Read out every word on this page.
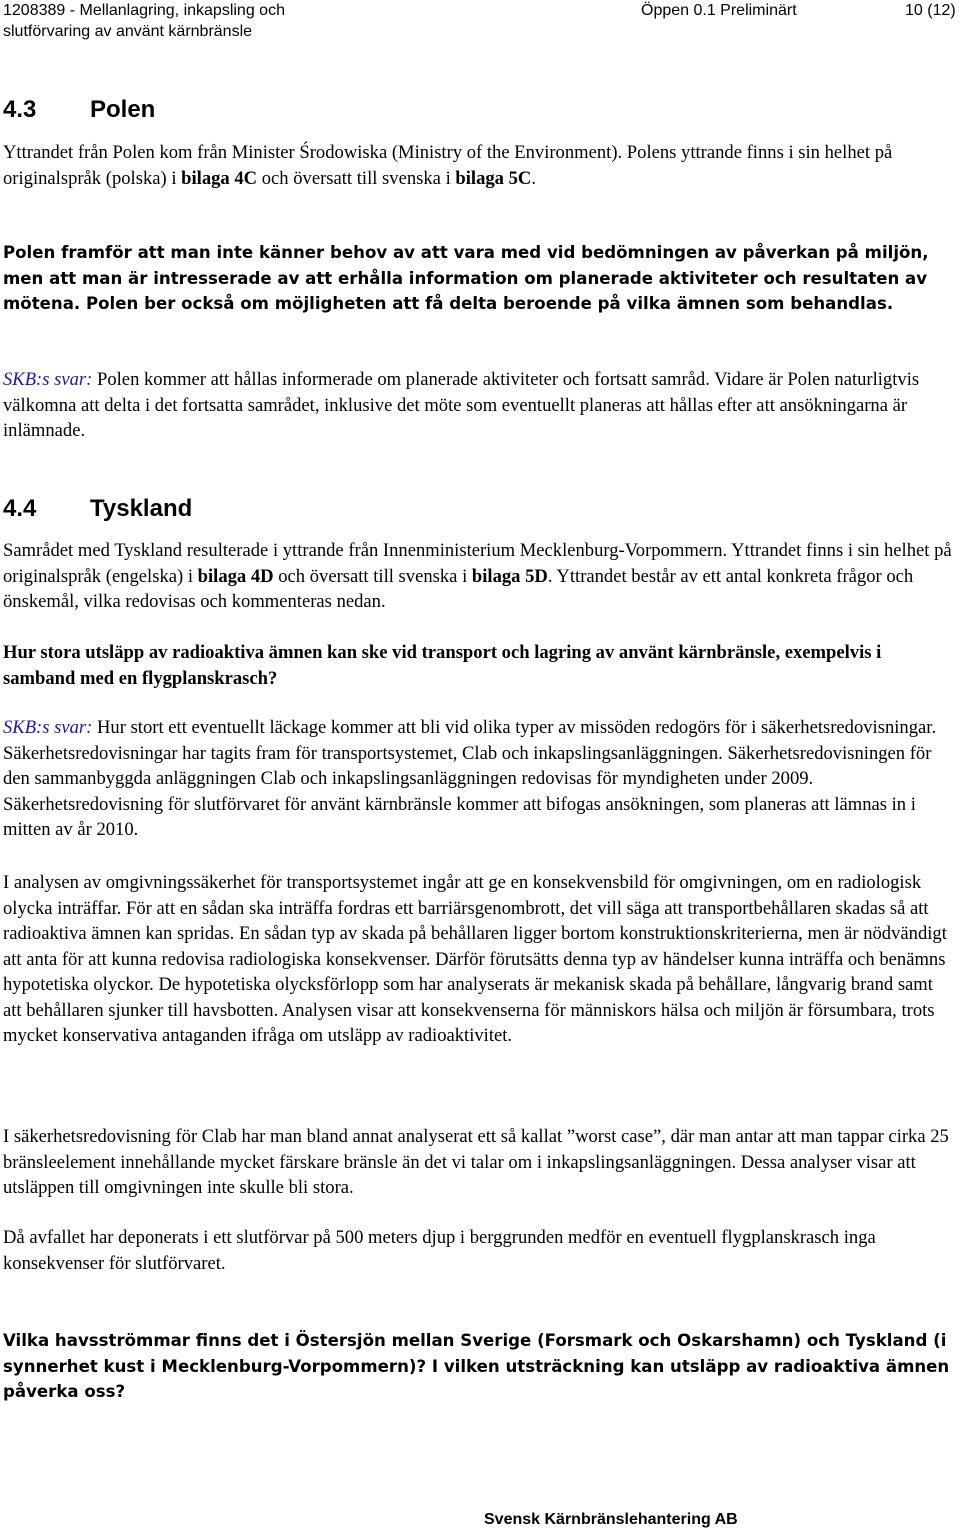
1208389 - Mellanlagring, inkapsling och
slutförvaring av använt kärnbränsle
Öppen 0.1 Preliminärt	10 (12)
4.3 Polen

Yttrandet från Polen kom från Minister Środowiska (Ministry of the Environment). Polens yttrande finns i sin helhet på originalspråk (polska) i bilaga 4C och översatt till svenska i bilaga 5C.

Polen framför att man inte känner behov av att vara med vid bedömningen av påverkan på miljön, men att man är intresserade av att erhålla information om planerade aktiviteter och resultaten av mötena. Polen ber också om möjligheten att få delta beroende på vilka ämnen som behandlas.

SKB:s svar: Polen kommer att hållas informerade om planerade aktiviteter och fortsatt samråd. Vidare är Polen naturligtvis välkomna att delta i det fortsatta samrådet, inklusive det möte som eventuellt planeras att hållas efter att ansökningarna är inlämnade.

4.4 Tyskland

Samrådet med Tyskland resulterade i yttrande från Innenministerium Mecklenburg-Vorpommern. Yttrandet finns i sin helhet på originalspråk (engelska) i bilaga 4D och översatt till svenska i bilaga 5D. Yttrandet består av ett antal konkreta frågor och önskemål, vilka redovisas och kommenteras nedan.

Hur stora utsläpp av radioaktiva ämnen kan ske vid transport och lagring av använt kärnbränsle, exempelvis i samband med en flygplanskrasch?

SKB:s svar: Hur stort ett eventuellt läckage kommer att bli vid olika typer av missöden redogörs för i säkerhetsredovisningar. Säkerhetsredovisningar har tagits fram för transportsystemet, Clab och inkapslingsanläggningen. Säkerhetsredovisningen för den sammanbyggda anläggningen Clab och inkapslingsanläggningen redovisas för myndigheten under 2009. Säkerhetsredovisning för slutförvaret för använt kärnbränsle kommer att bifogas ansökningen, som planeras att lämnas in i mitten av år 2010.

I analysen av omgivningssäkerhet för transportsystemet ingår att ge en konsekvensbild för omgivningen, om en radiologisk olycka inträffar. För att en sådan ska inträffa fordras ett barriärsgenombrott, det vill säga att transportbehållaren skadas så att radioaktiva ämnen kan spridas. En sådan typ av skada på behållaren ligger bortom konstruktionskriterierna, men är nödvändigt att anta för att kunna redovisa radiologiska konsekvenser. Därför förutsätts denna typ av händelser kunna inträffa och benämns hypotetiska olyckor. De hypotetiska olycksförlopp som har analyserats är mekanisk skada på behållare, långvarig brand samt att behållaren sjunker till havsbotten. Analysen visar att konsekvenserna för människors hälsa och miljön är försumbara, trots mycket konservativa antaganden ifråga om utsläpp av radioaktivitet.

I säkerhetsredovisning för Clab har man bland annat analyserat ett så kallat ”worst case”, där man antar att man tappar cirka 25 bränsleelement innehållande mycket färskare bränsle än det vi talar om i inkapslingsanläggningen. Dessa analyser visar att utsläppen till omgivningen inte skulle bli stora.

Då avfallet har deponerats i ett slutförvar på 500 meters djup i berggrunden medför en eventuell flygplanskrasch inga konsekvenser för slutförvaret.

Vilka havsströmmar finns det i Östersjön mellan Sverige (Forsmark och Oskarshamn) och Tyskland (i synnerhet kust i Mecklenburg-Vorpommern)? I vilken utsträckning kan utsläpp av radioaktiva ämnen påverka oss?

Svensk Kärnbränslehantering AB
